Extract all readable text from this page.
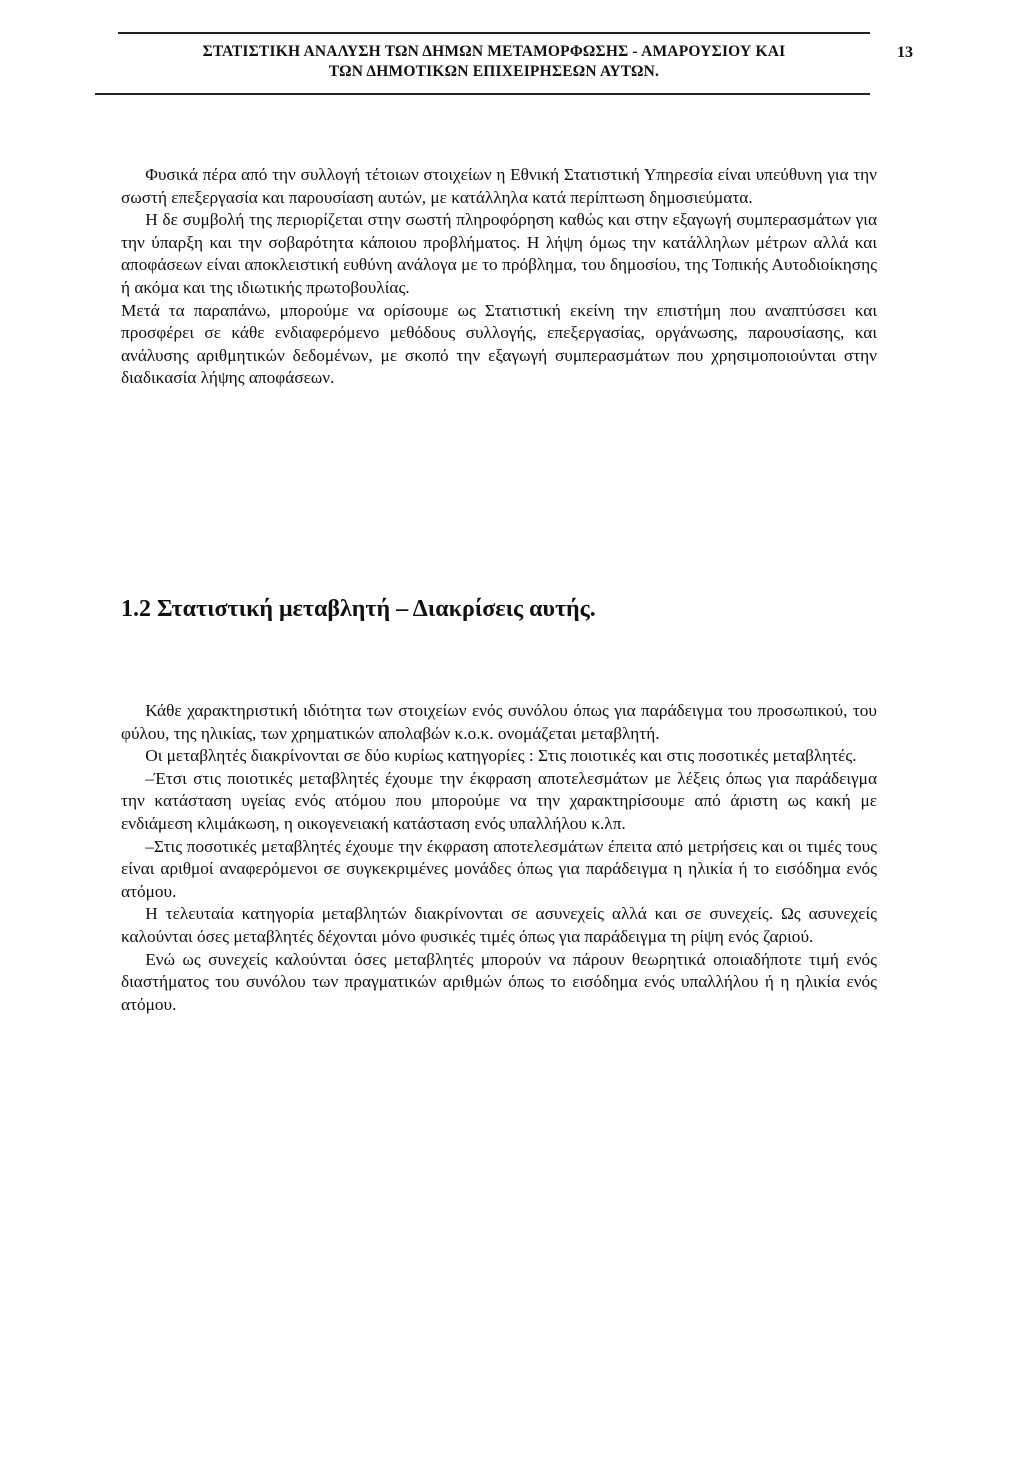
ΣΤΑΤΙΣΤΙΚΗ ΑΝΑΛΥΣΗ ΤΩΝ ΔΗΜΩΝ ΜΕΤΑΜΟΡΦΩΣΗΣ - ΑΜΑΡΟΥΣΙΟΥ ΚΑΙ
ΤΩΝ ΔΗΜΟΤΙΚΩΝ ΕΠΙΧΕΙΡΗΣΕΩΝ ΑΥΤΩΝ.
13

Φυσικά πέρα από την συλλογή τέτοιων στοιχείων η Εθνική Στατιστική Υπηρεσία είναι υπεύθυνη για την σωστή επεξεργασία και παρουσίαση αυτών, με κατάλληλα κατά περίπτωση δημοσιεύματα.

Η δε συμβολή της περιορίζεται στην σωστή πληροφόρηση καθώς και στην εξαγωγή συμπερασμάτων για την ύπαρξη και την σοβαρότητα κάποιου προβλήματος. Η λήψη όμως την κατάλληλων μέτρων αλλά και αποφάσεων είναι αποκλειστική ευθύνη ανάλογα με το πρόβλημα, του δημοσίου, της Τοπικής Αυτοδιοίκησης ή ακόμα και της ιδιωτικής πρωτοβουλίας.

Μετά τα παραπάνω, μπορούμε να ορίσουμε ως Στατιστική εκείνη την επιστήμη που αναπτύσσει και προσφέρει σε κάθε ενδιαφερόμενο μεθόδους συλλογής, επεξεργασίας, οργάνωσης, παρουσίασης, και ανάλυσης αριθμητικών δεδομένων, με σκοπό την εξαγωγή συμπερασμάτων που χρησιμοποιούνται στην διαδικασία λήψης αποφάσεων.

1.2 Στατιστική μεταβλητή – Διακρίσεις αυτής.

Κάθε χαρακτηριστική ιδιότητα των στοιχείων ενός συνόλου όπως για παράδειγμα του προσωπικού, του φύλου, της ηλικίας, των χρηματικών απολαβών κ.ο.κ. ονομάζεται μεταβλητή.

Οι μεταβλητές διακρίνονται σε δύο κυρίως κατηγορίες : Στις ποιοτικές και στις ποσοτικές μεταβλητές.

–Έτσι στις ποιοτικές μεταβλητές έχουμε την έκφραση αποτελεσμάτων με λέξεις όπως για παράδειγμα την κατάσταση υγείας ενός ατόμου που μπορούμε να την χαρακτηρίσουμε από άριστη ως κακή με ενδιάμεση κλιμάκωση, η οικογενειακή κατάσταση ενός υπαλλήλου κ.λπ.

–Στις ποσοτικές μεταβλητές έχουμε την έκφραση αποτελεσμάτων έπειτα από μετρήσεις και οι τιμές τους είναι αριθμοί αναφερόμενοι σε συγκεκριμένες μονάδες όπως για παράδειγμα η ηλικία ή το εισόδημα ενός ατόμου.

Η τελευταία κατηγορία μεταβλητών διακρίνονται σε ασυνεχείς αλλά και σε συνεχείς. Ως ασυνεχείς καλούνται όσες μεταβλητές δέχονται μόνο φυσικές τιμές όπως για παράδειγμα τη ρίψη ενός ζαριού.

Ενώ ως συνεχείς καλούνται όσες μεταβλητές μπορούν να πάρουν θεωρητικά οποιαδήποτε τιμή ενός διαστήματος του συνόλου των πραγματικών αριθμών όπως το εισόδημα ενός υπαλλήλου ή η ηλικία ενός ατόμου.
